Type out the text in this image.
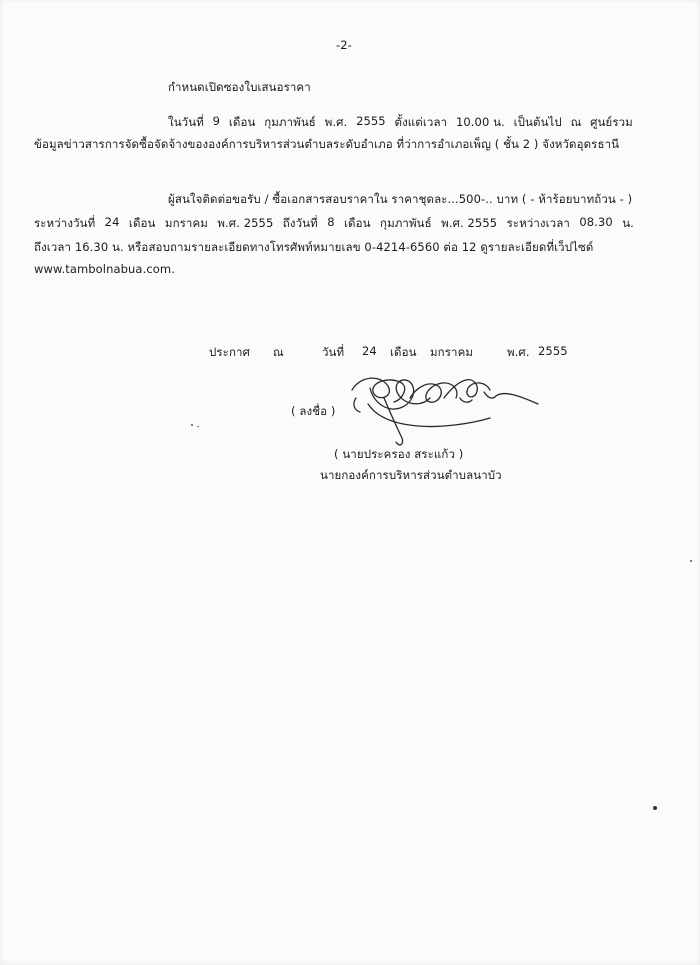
-2-
กำหนดเปิดซองใบเสนอราคา
ในวันที่ 9 เดือน กุมภาพันธ์ พ.ศ. 2555 ตั้งแต่เวลา 10.00 น. เป็นต้นไป ณ ศูนย์รวม
ข้อมูลข่าวสารการจัดซื้อจัดจ้างขององค์การบริหารส่วนตำบลระดับอำเภอ ที่ว่าการอำเภอเพ็ญ ( ชั้น 2 ) จังหวัดอุดรธานี
ผู้สนใจติดต่อขอรับ / ซื้อเอกสารสอบราคาใน ราคาชุดละ...500-.. บาท ( - ห้าร้อยบาทถ้วน - )
ระหว่างวันที่ 24 เดือน มกราคม พ.ศ. 2555 ถึงวันที่ 8 เดือน กุมภาพันธ์ พ.ศ. 2555 ระหว่างเวลา 08.30 น.
ถึงเวลา 16.30 น. หรือสอบถามรายละเอียดทางโทรศัพท์หมายเลข 0-4214-6560 ต่อ 12 ดูรายละเอียดที่เว็ปไซด์
www.tambolnabua.com.
ประกาศ ณ	วันที่ 24 เดือน มกราคม	พ.ศ. 2555
( ลงชื่อ )
( นายประครอง สระแก้ว )
นายกองค์การบริหารส่วนตำบลนาบัว
